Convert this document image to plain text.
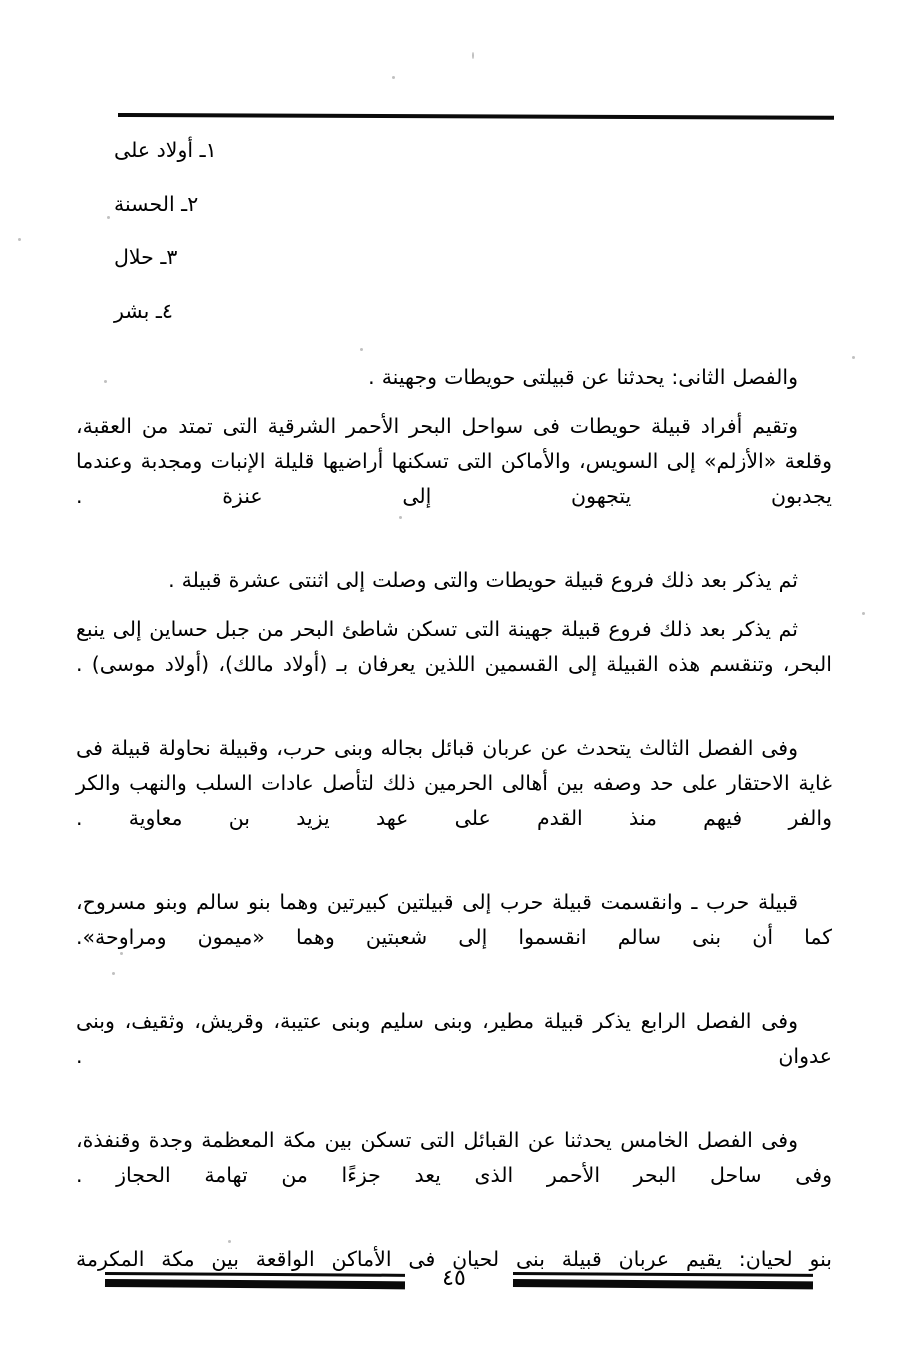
١ـ أولاد على
٢ـ الحسنة
٣ـ حلال
٤ـ بشر

والفصل الثانى: يحدثنا عن قبيلتى حويطات وجهينة .

وتقيم أفراد قبيلة حويطات فى سواحل البحر الأحمر الشرقية التى تمتد من العقبة، وقلعة «الأزلم» إلى السويس، والأماكن التى تسكنها أراضيها قليلة الإنبات ومجدبة وعندما يجدبون يتجهون إلى عنزة .

ثم يذكر بعد ذلك فروع قبيلة حويطات والتى وصلت إلى اثنتى عشرة قبيلة .

ثم يذكر بعد ذلك فروع قبيلة جهينة التى تسكن شاطئ البحر من جبل حساين إلى ينبع البحر، وتنقسم هذه القبيلة إلى القسمين اللذين يعرفان بـ (أولاد مالك)، (أولاد موسى) .

وفى الفصل الثالث يتحدث عن عربان قبائل بجاله وبنى حرب، وقبيلة نحاولة قبيلة فى غاية الاحتقار على حد وصفه بين أهالى الحرمين ذلك لتأصل عادات السلب والنهب والكر والفر فيهم منذ القدم على عهد يزيد بن معاوية .

قبيلة حرب ـ وانقسمت قبيلة حرب إلى قبيلتين كبيرتين وهما بنو سالم وبنو مسروح، كما أن بنى سالم انقسموا إلى شعبتين وهما «ميمون ومراوحة».

وفى الفصل الرابع يذكر قبيلة مطير، وبنى سليم وبنى عتيبة، وقريش، وثقيف، وبنى عدوان .

وفى الفصل الخامس يحدثنا عن القبائل التى تسكن بين مكة المعظمة وجدة وقنفذة، وفى ساحل البحر الأحمر الذى يعد جزءًا من تهامة الحجاز .

بنو لحيان: يقيم عربان قبيلة بنى لحيان فى الأماكن الواقعة بين مكة المكرمة

٤٥
